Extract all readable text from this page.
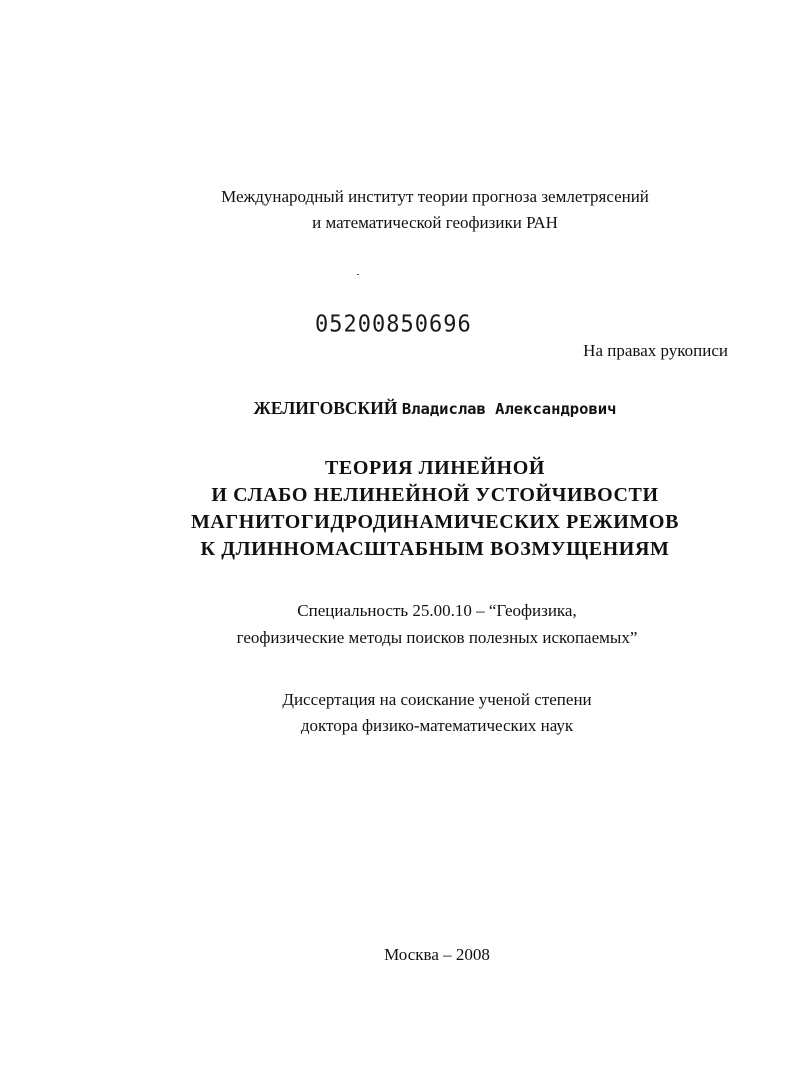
Международный институт теории прогноза землетрясений
и математической геофизики РАН
05200850696
На правах рукописи
ЖЕЛИГОВСКИЙ Владислав Александрович
ТЕОРИЯ ЛИНЕЙНОЙ
И СЛАБО НЕЛИНЕЙНОЙ УСТОЙЧИВОСТИ
МАГНИТОГИДРОДИНАМИЧЕСКИХ РЕЖИМОВ
К ДЛИННОМАСШТАБНЫМ ВОЗМУЩЕНИЯМ
Специальность 25.00.10 – “Геофизика,
геофизические методы поисков полезных ископаемых”
Диссертация на соискание ученой степени
доктора физико-математических наук
Москва – 2008
